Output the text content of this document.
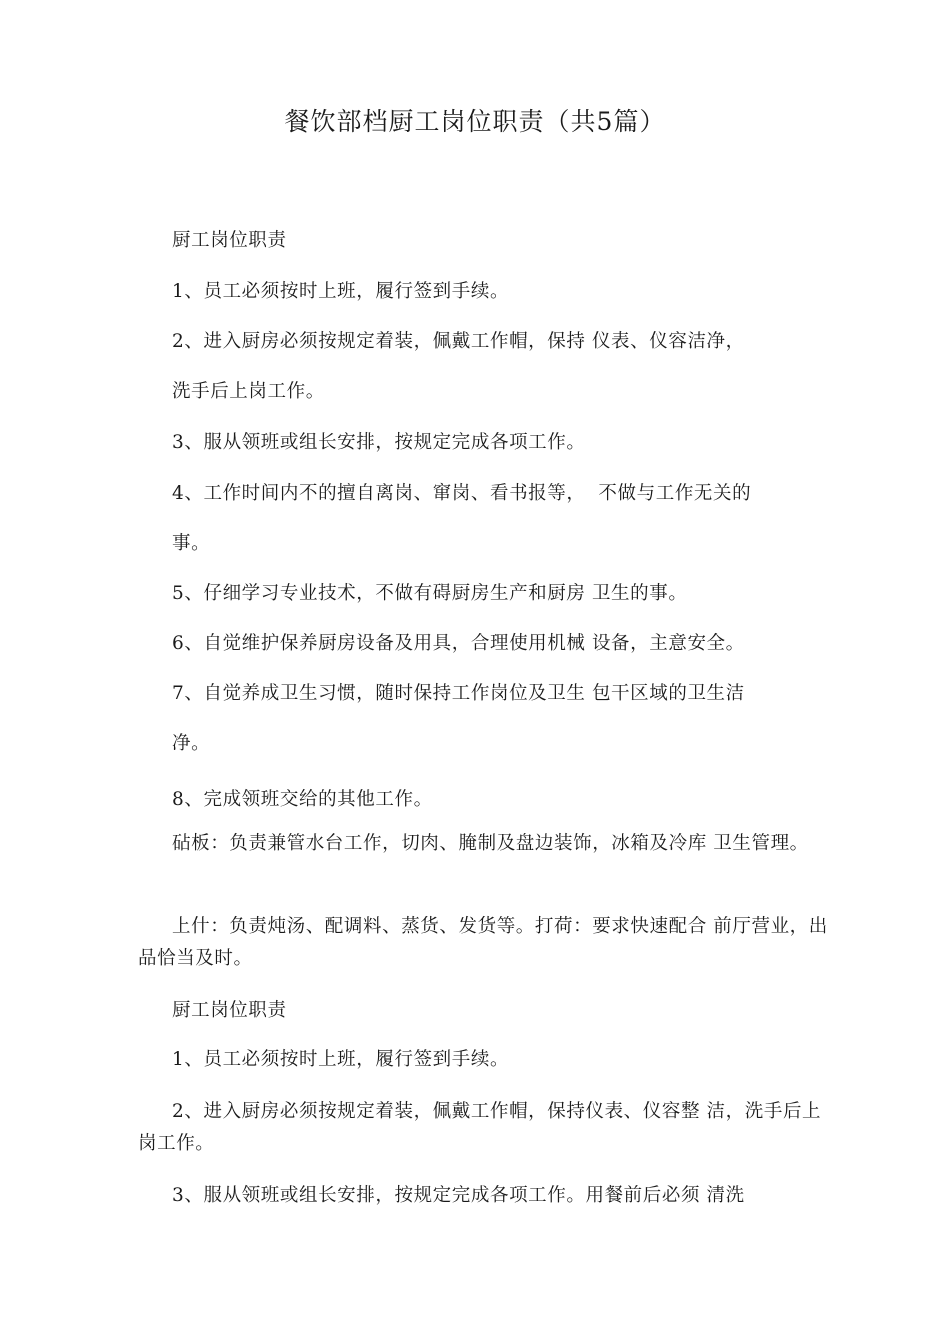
餐饮部档厨工岗位职责（共5篇）
厨工岗位职责
1、员工必须按时上班，履行签到手续。
2、进入厨房必须按规定着装，佩戴工作帽，保持 仪表、仪容洁净，
洗手后上岗工作。
3、服从领班或组长安排，按规定完成各项工作。
4、工作时间内不的擅自离岗、窜岗、看书报等，  不做与工作无关的
事。
5、仔细学习专业技术，不做有碍厨房生产和厨房 卫生的事。
6、自觉维护保养厨房设备及用具，合理使用机械 设备，主意安全。
7、自觉养成卫生习惯，随时保持工作岗位及卫生 包干区域的卫生洁
净。
8、完成领班交给的其他工作。
砧板：负责兼管水台工作，切肉、腌制及盘边装饰，冰箱及冷库 卫生管理。
上什：负责炖汤、配调料、蒸货、发货等。打荷：要求快速配合 前厅营业，出品恰当及时。
厨工岗位职责
1、员工必须按时上班，履行签到手续。
2、进入厨房必须按规定着装，佩戴工作帽，保持仪表、仪容整 洁，洗手后上岗工作。
3、服从领班或组长安排，按规定完成各项工作。用餐前后必须 清洗
